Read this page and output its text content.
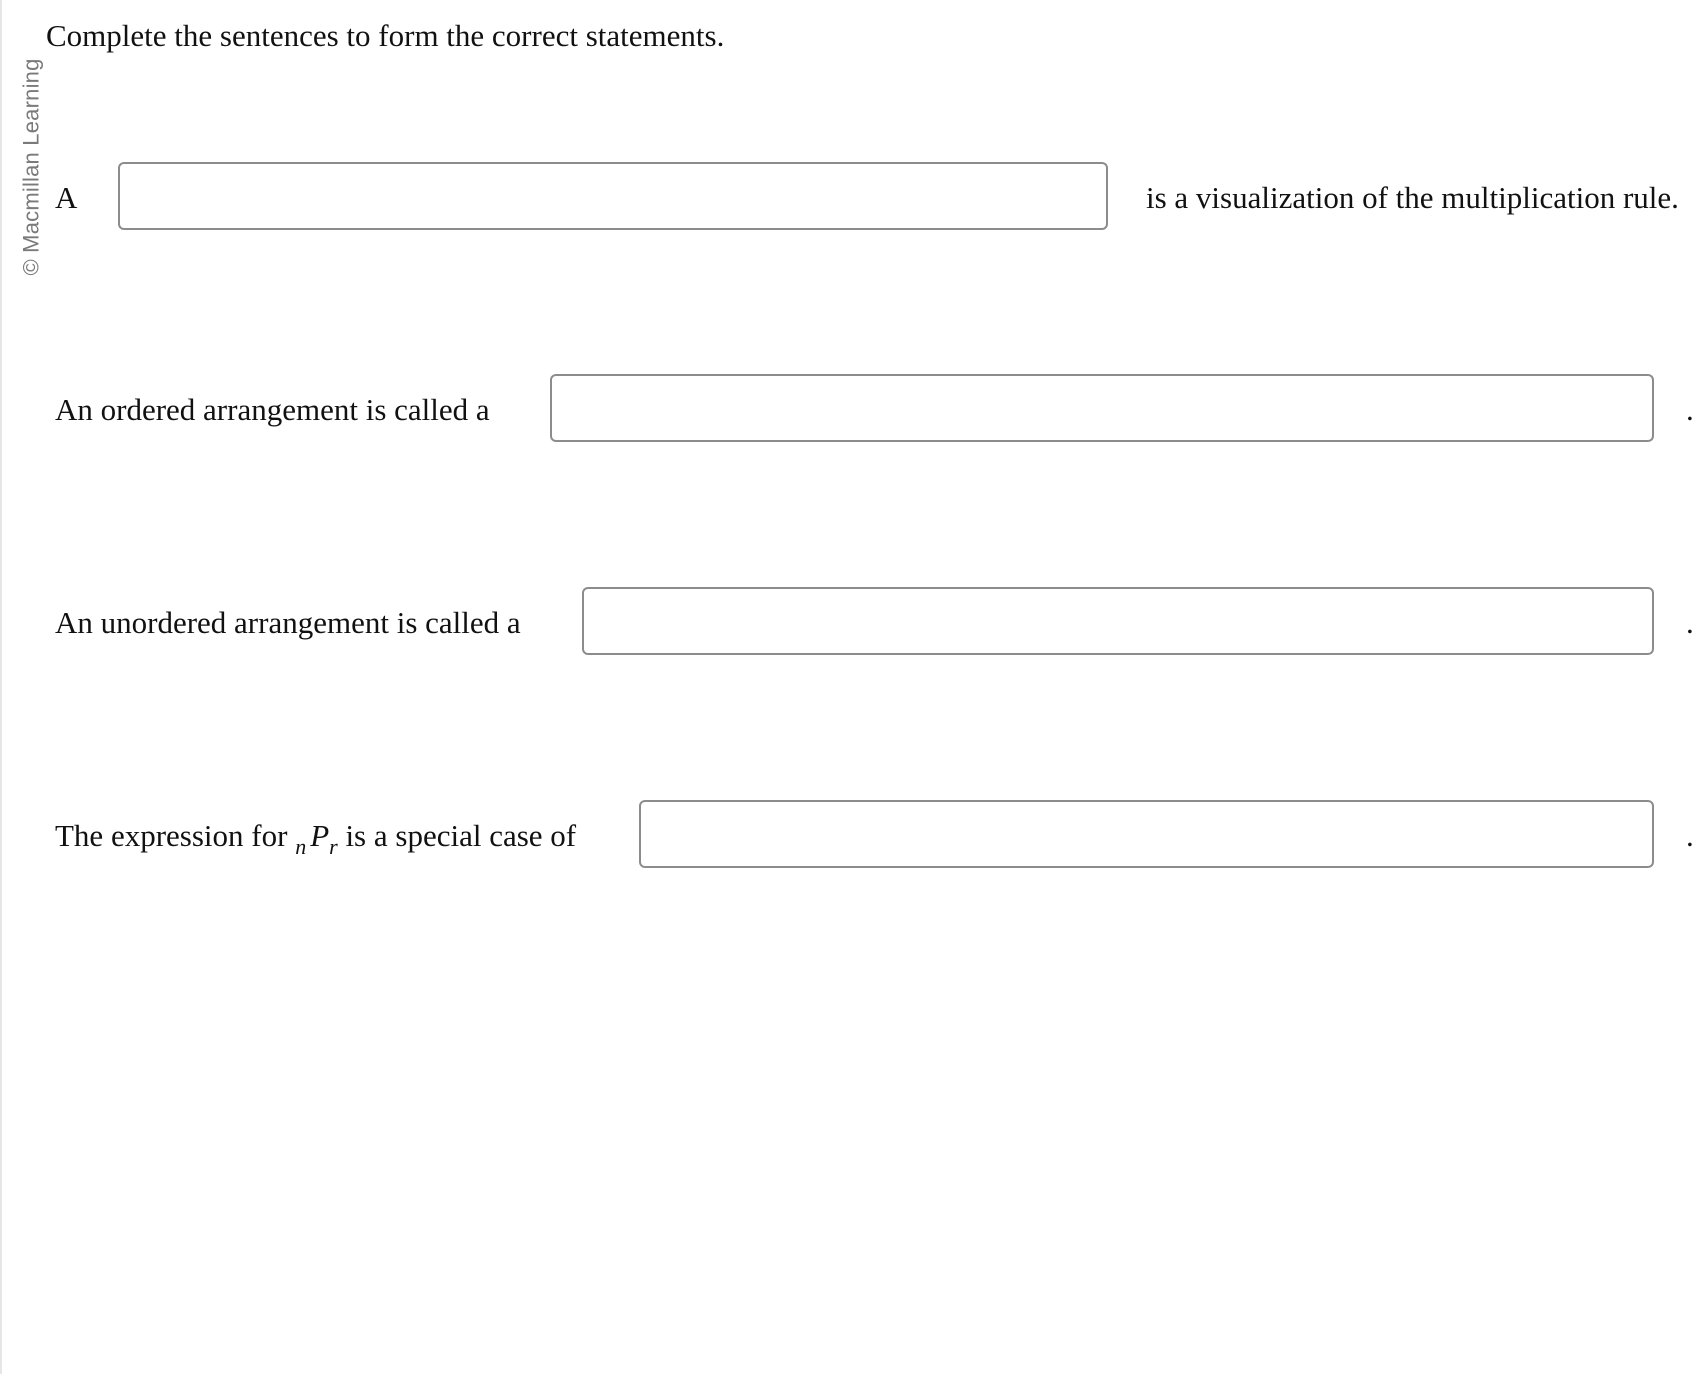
© Macmillan Learning
Complete the sentences to form the correct statements.
A	is a visualization of the multiplication rule.
An ordered arrangement is called a	.
An unordered arrangement is called a	.
The expression for $_n$ $P_r$ is a special case of	.
